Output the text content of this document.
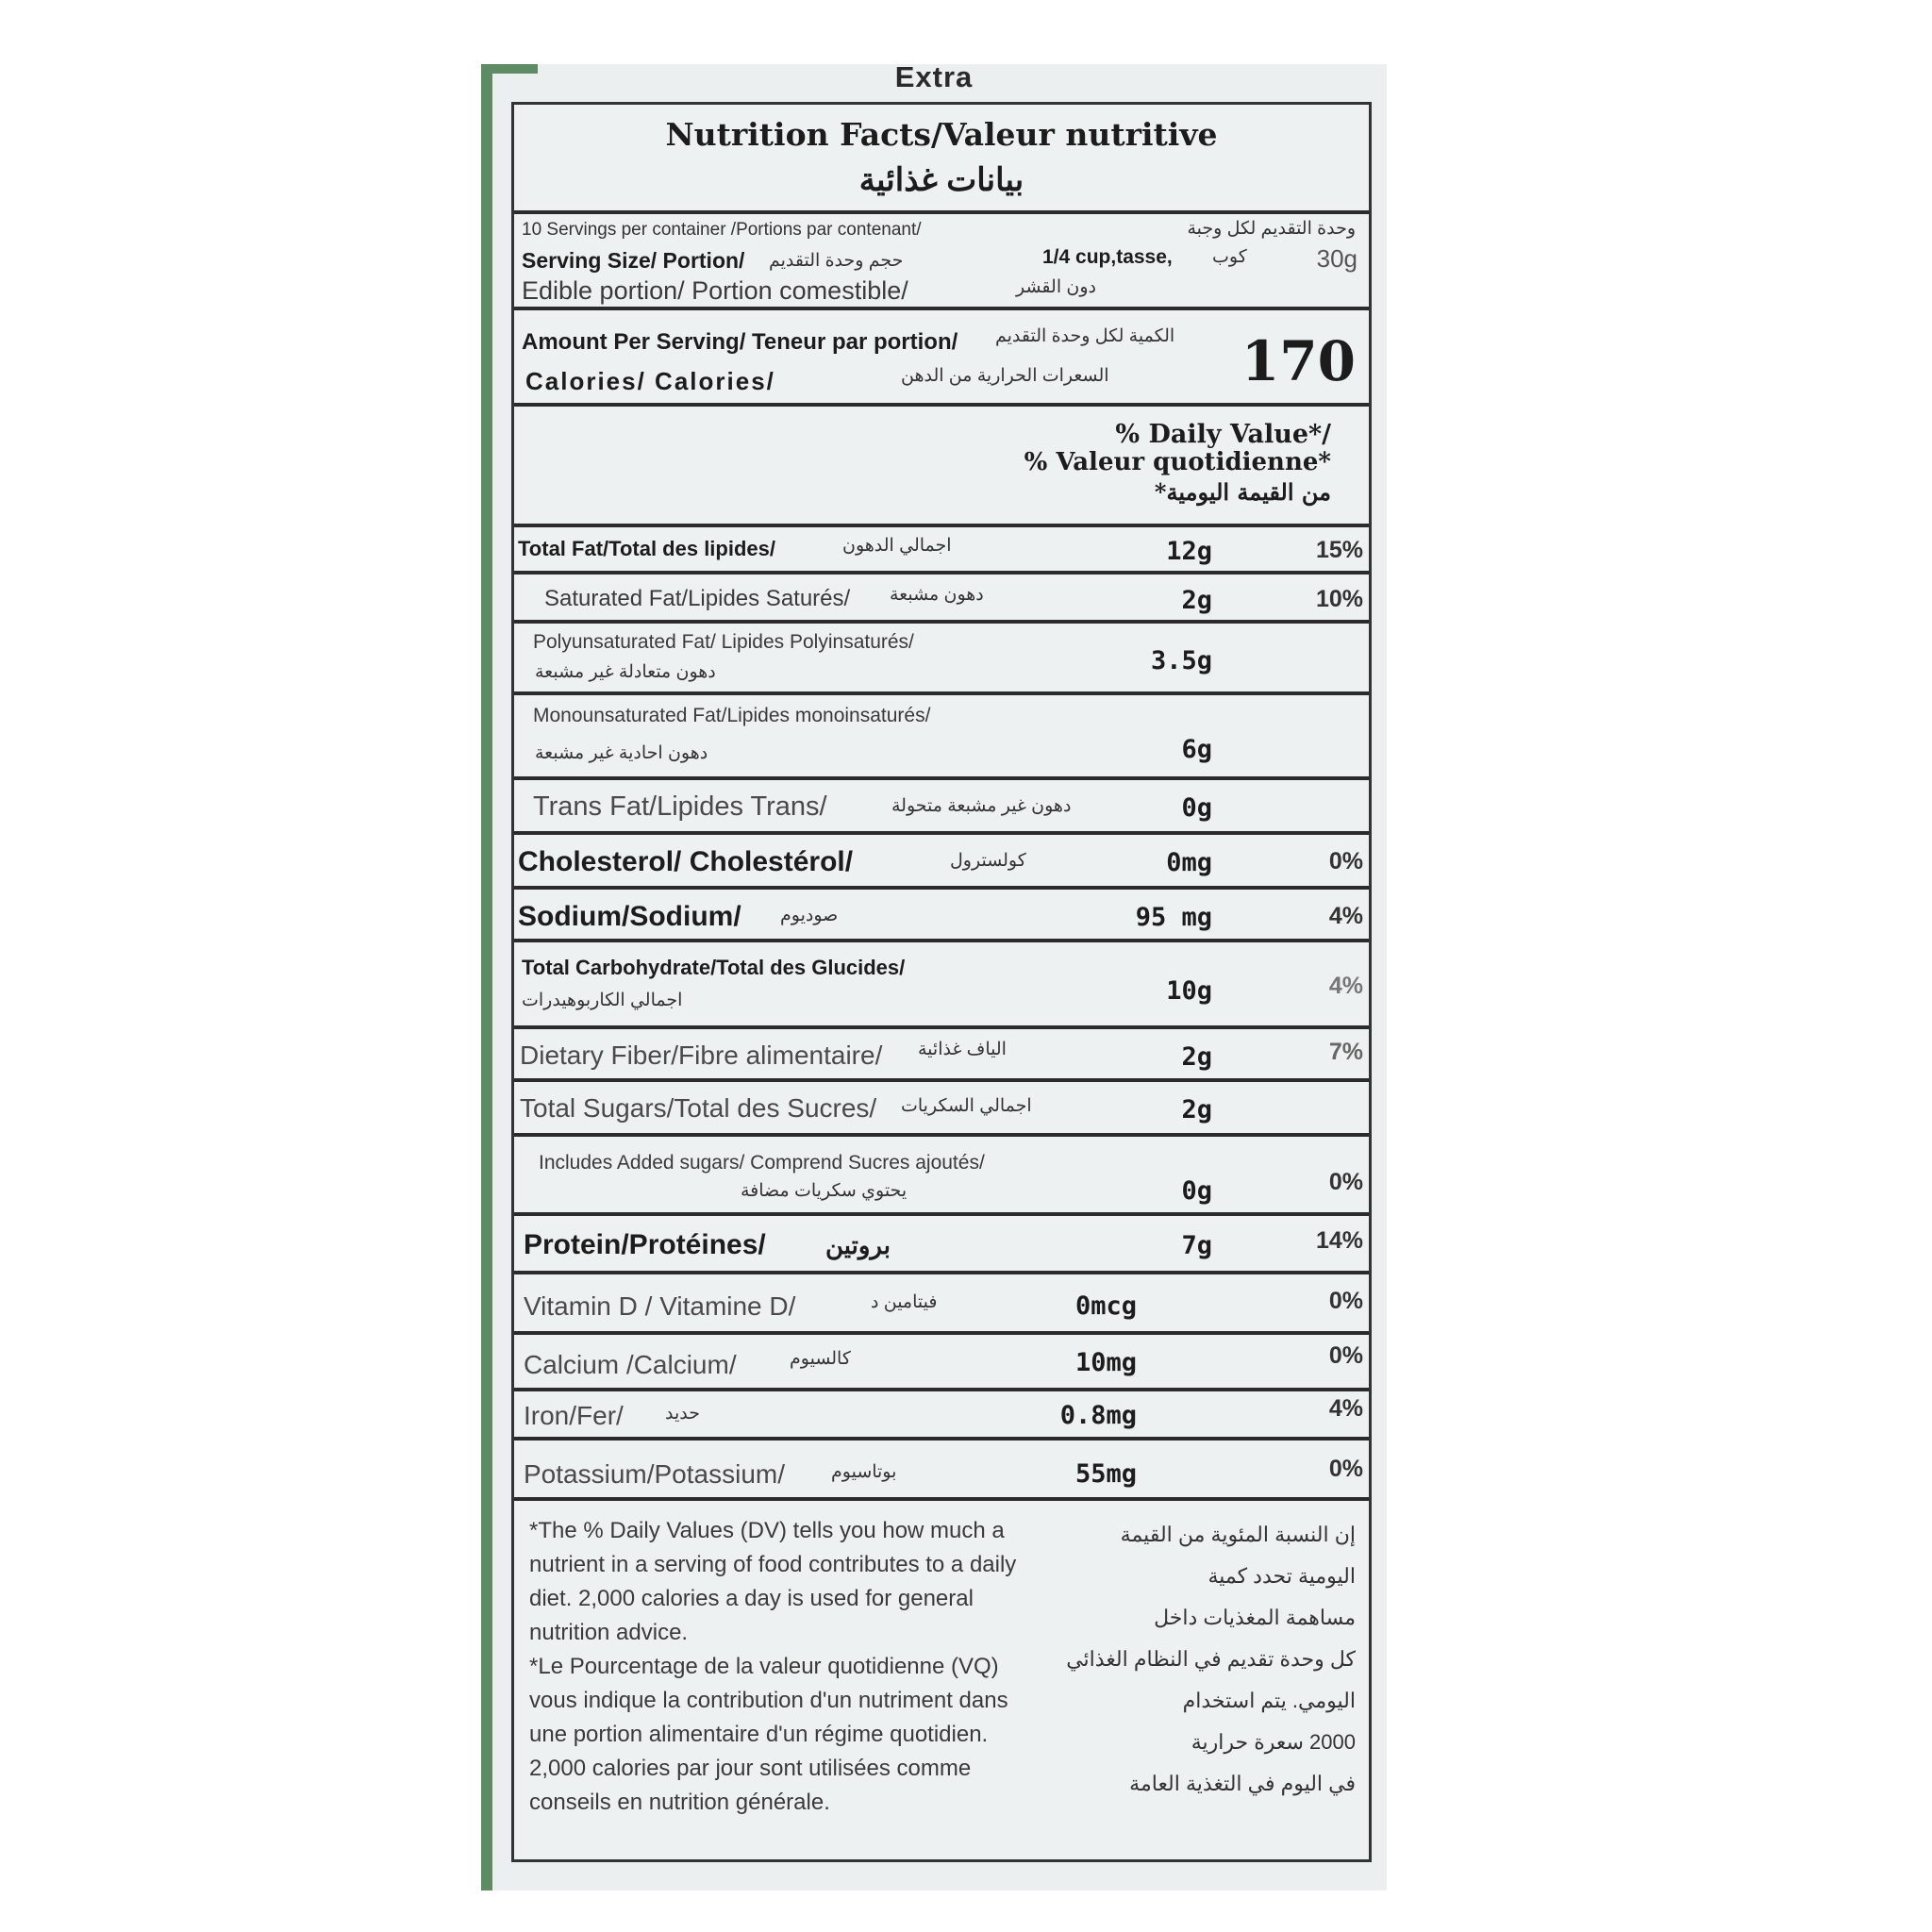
Extra
Nutrition Facts/Valeur nutritive
بيانات غذائية
10 Servings per container /Portions par contenant/	وحدة التقديم لكل وجبة
Serving Size/ Portion/ حجم وحدة التقديم	1/4 cup,tasse, كوب	30g
Edible portion/ Portion comestible/	دون القشر
Amount Per Serving/ Teneur par portion/ الكمية لكل وحدة التقديم
Calories/ Calories/	السعرات الحرارية من الدهن 170
% Daily Value*/
% Valeur quotidienne*
من القيمة اليومية*
Total Fat/Total des lipides/	اجمالي الدهون	12g	15%
Saturated Fat/Lipides Saturés/ دهون مشبعة	2g	10%
Polyunsaturated Fat/ Lipides Polyinsaturés/
دهون متعادلة غير مشبعة	3.5g
Monounsaturated Fat/Lipides monoinsaturés/
دهون احادية غير مشبعة	6g
Trans Fat/Lipides Trans/	دهون غير مشبعة متحولة	0g
Cholesterol/ Cholestérol/	كولسترول	0mg	0%
Sodium/Sodium/ صوديوم	95 mg	4%
Total Carbohydrate/Total des Glucides/
اجمالي الكاربوهيدرات	10g	4%
Dietary Fiber/Fibre alimentaire/ الياف غذائية	2g	7%
Total Sugars/Total des Sucres/ اجمالي السكريات	2g
Includes Added sugars/ Comprend Sucres ajoutés/
يحتوي سكريات مضافة	0g	0%
Protein/Protéines/ بروتين	7g	14%
Vitamin D / Vitamine D/	فيتامين د	0mcg	0%
Calcium /Calcium/	كالسيوم	10mg	0%
Iron/Fer/ حديد	0.8mg	4%
Potassium/Potassium/	بوتاسيوم	55mg	0%

*The % Daily Values (DV) tells you how much a nutrient in a serving of food contributes to a daily diet. 2,000 calories a day is used for general nutrition advice.

*Le Pourcentage de la valeur quotidienne (VQ) vous indique la contribution d'un nutriment dans une portion alimentaire d'un régime quotidien. 2,000 calories par jour sont utilisées comme conseils en nutrition générale.

إن النسبة المئوية من القيمة
اليومية تحدد كمية
مساهمة المغذيات داخل
كل وحدة تقديم في النظام الغذائي
اليومي. يتم استخدام
2000 سعرة حرارية
في اليوم في التغذية العامة
